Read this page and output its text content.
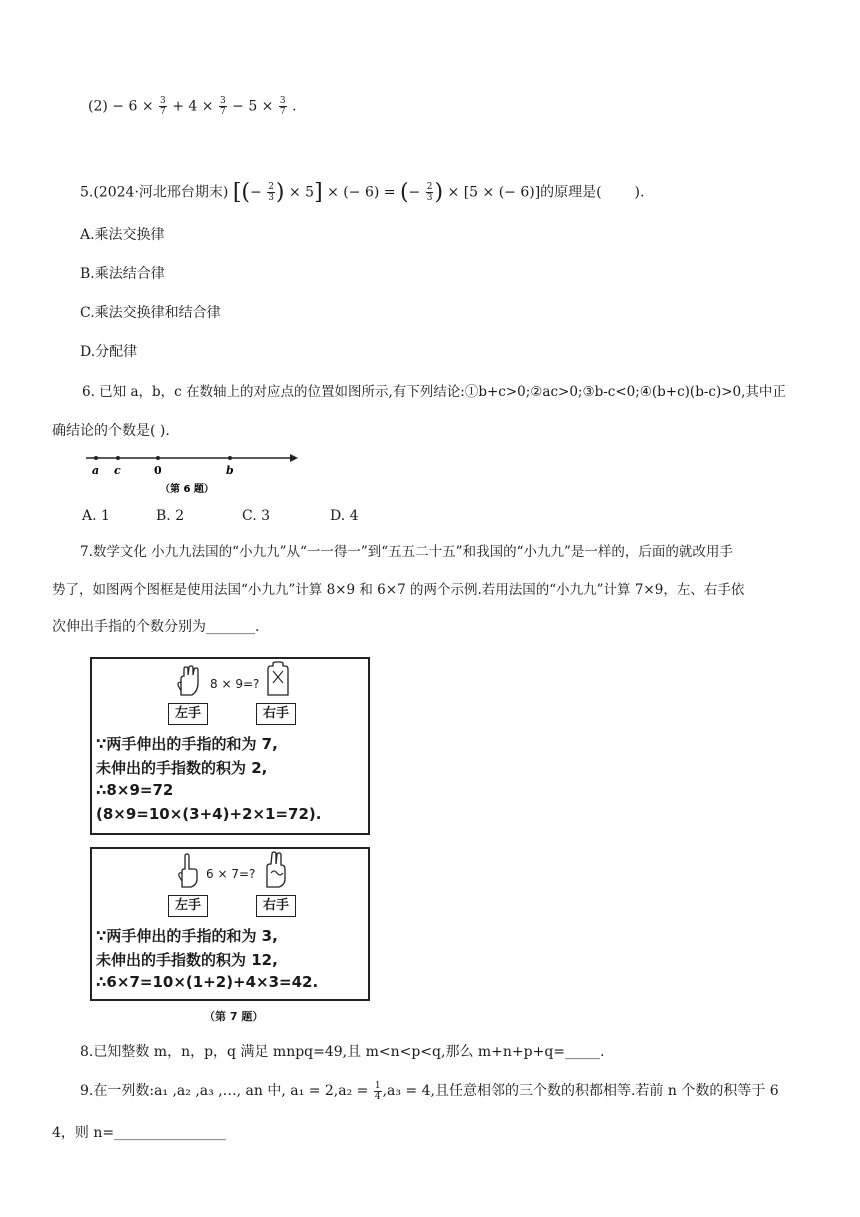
$(2) - 6 \times \frac{3}{7} + 4 \times \frac{3}{7} - 5 \times \frac{3}{7}$ .
5.(2024·河北邢台期末) [(− $\frac{2}{3}$ ) × 5] × (− 6) = (− $\frac{2}{3}$ ) × [5 × (− 6)]的原理是( ).
A.乘法交换律
B.乘法结合律
C.乘法交换律和结合律
D.分配律
6. 已知 a，b，c 在数轴上的对应点的位置如图所示,有下列结论:①b+c>0;②ac>0;③b-c<0;④(b+c)(b-c)>0,其中正
确结论的个数是( ).
a c	0	b
（第 6 题）
A. 1	B. 2	C. 3	D. 4
7.数学文化 小九九法国的“小九九”从“一一得一”到“五五二十五”和我国的“小九九”是一样的，后面的就改用手
势了，如图两个图框是使用法国“小九九”计算 8×9 和 6×7 的两个示例.若用法国的“小九九”计算 7×9，左、右手依
次伸出手指的个数分别为_______.
8 × 9=?
左手	右手
∵两手伸出的手指的和为 7,
未伸出的手指数的积为 2,
∴8×9=72
(8×9=10×(3+4)+2×1=72).
6 × 7=?
左手	右手
∵两手伸出的手指的和为 3,
未伸出的手指数的积为 12,
∴6×7=10×(1+2)+4×3=42.
（第 7 题）
8.已知整数 m，n，p，q 满足 mnpq=49,且 m<n<p<q,那么 m+n+p+q=_____.
9.在一列数:a₁ ,a₂ ,a₃ ,…, an 中, $a_1 = 2,a_2 = \frac{1}{4} ,a_3 = 4$,且任意相邻的三个数的积都相等.若前 n 个数的积等于 6
4，则 n=________________
